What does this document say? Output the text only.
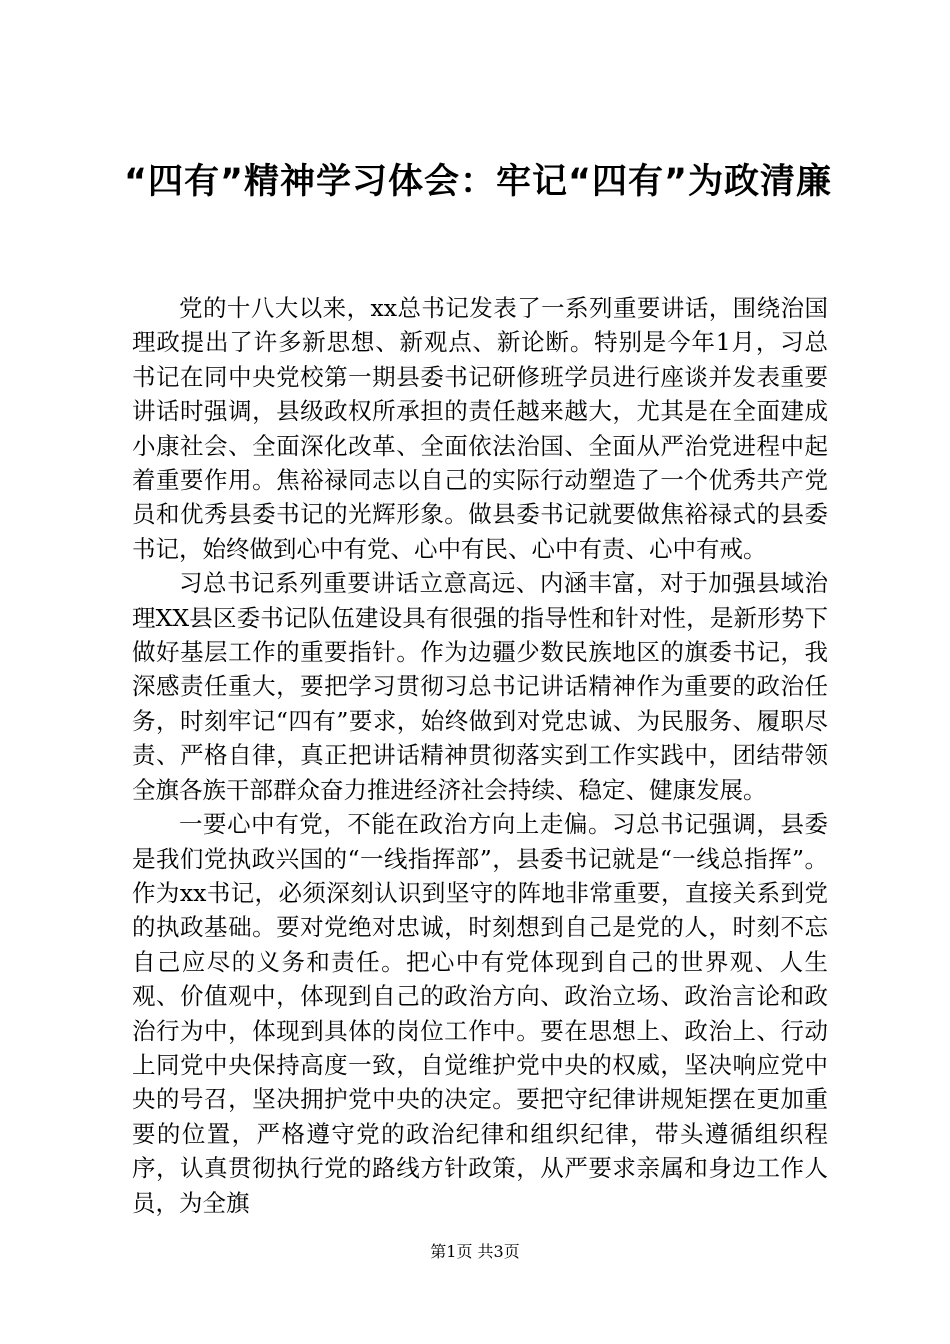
“四有”精神学习体会：牢记“四有”为政清廉

党的十八大以来，xx总书记发表了一系列重要讲话，围绕治国理政提出了许多新思想、新观点、新论断。特别是今年1月，习总书记在同中央党校第一期县委书记研修班学员进行座谈并发表重要讲话时强调，县级政权所承担的责任越来越大，尤其是在全面建成小康社会、全面深化改革、全面依法治国、全面从严治党进程中起着重要作用。焦裕禄同志以自己的实际行动塑造了一个优秀共产党员和优秀县委书记的光辉形象。做县委书记就要做焦裕禄式的县委书记，始终做到心中有党、心中有民、心中有责、心中有戒。

习总书记系列重要讲话立意高远、内涵丰富，对于加强县域治理XX县区委书记队伍建设具有很强的指导性和针对性，是新形势下做好基层工作的重要指针。作为边疆少数民族地区的旗委书记，我深感责任重大，要把学习贯彻习总书记讲话精神作为重要的政治任务，时刻牢记“四有”要求，始终做到对党忠诚、为民服务、履职尽责、严格自律，真正把讲话精神贯彻落实到工作实践中，团结带领全旗各族干部群众奋力推进经济社会持续、稳定、健康发展。

一要心中有党，不能在政治方向上走偏。习总书记强调，县委是我们党执政兴国的“一线指挥部”，县委书记就是“一线总指挥”。作为xx书记，必须深刻认识到坚守的阵地非常重要，直接关系到党的执政基础。要对党绝对忠诚，时刻想到自己是党的人，时刻不忘自己应尽的义务和责任。把心中有党体现到自己的世界观、人生观、价值观中，体现到自己的政治方向、政治立场、政治言论和政治行为中，体现到具体的岗位工作中。要在思想上、政治上、行动上同党中央保持高度一致，自觉维护党中央的权威，坚决响应党中央的号召，坚决拥护党中央的决定。要把守纪律讲规矩摆在更加重要的位置，严格遵守党的政治纪律和组织纪律，带头遵循组织程序，认真贯彻执行党的路线方针政策，从严要求亲属和身边工作人员，为全旗

第1页 共3页
